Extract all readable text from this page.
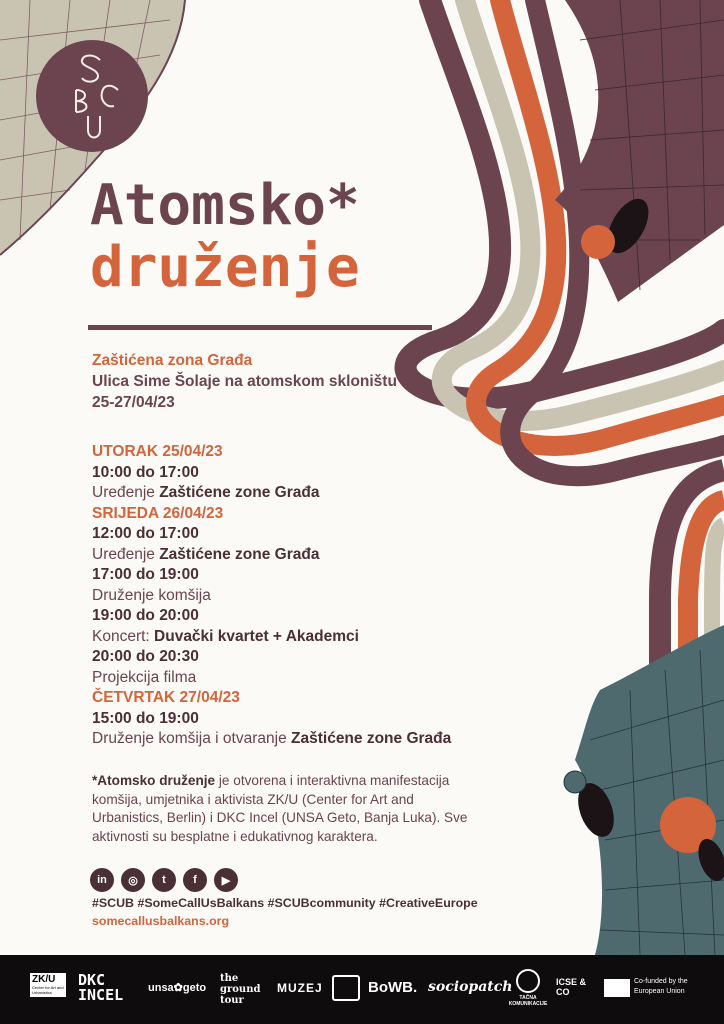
Atomsko*
druženje
Zaštićena zona Građa
Ulica Sime Šolaje na atomskom skloništu
25-27/04/23
UTORAK 25/04/23
10:00 do 17:00
Uređenje Zaštićene zone Građa
SRIJEDA 26/04/23
12:00 do 17:00
Uređenje Zaštićene zone Građa
17:00 do 19:00
Druženje komšija
19:00 do 20:00
Koncert: Duvački kvartet + Akademci
20:00 do 20:30
Projekcija filma
ČETVRTAK 27/04/23
15:00 do 19:00
Druženje komšija i otvaranje Zaštićene zone Građa
*Atomsko druženje je otvorena i interaktivna manifestacija komšija, umjetnika i aktivista ZK/U (Center for Art and Urbanistics, Berlin) i DKC Incel (UNSA Geto, Banja Luka). Sve aktivnosti su besplatne i edukativnog karaktera.
in	◎	t	f	▶
#SCUB #SomeCallUsBalkans #SCUBcommunity #CreativeEurope
somecallusbalkans.org
ZK/U
Center for Art and Urbanistics
DKC
INCEL unsa✿geto
the ground tour
MUZEJ	BoWB. sociopatch
TAČNA KOMUNIKACIJE
ICSE & CO
Co-funded by the European Union
